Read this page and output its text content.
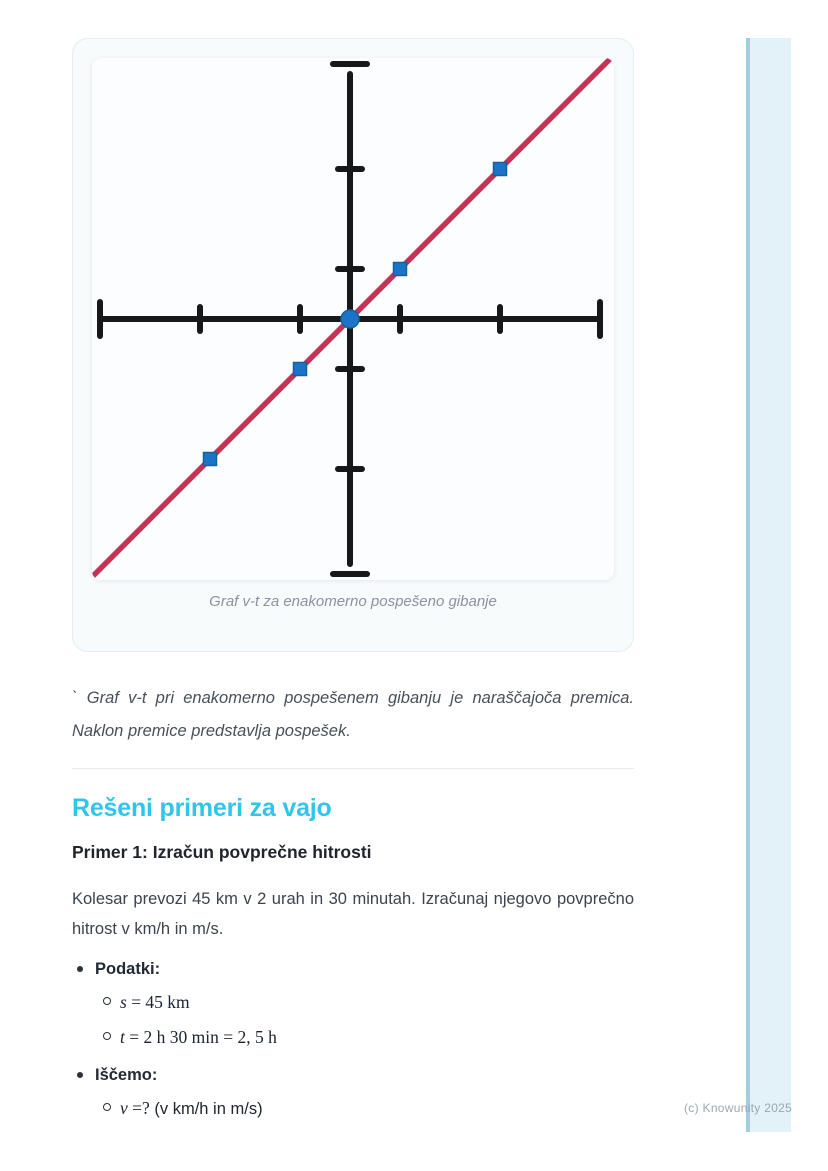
Graf v-t za enakomerno pospešeno gibanje

` Graf v-t pri enakomerno pospešenem gibanju je naraščajoča premica. Naklon premice predstavlja pospešek.

Rešeni primeri za vajo
Primer 1: Izračun povprečne hitrosti

Kolesar prevozi 45 km v 2 urah in 30 minutah. Izračunaj njegovo povprečno hitrost v km/h in m/s.

Podatki:
s = 45 km
t = 2 h 30 min = 2, 5 h
Iščemo:
v =? (v km/h in m/s)	(c) Knowunity 2025
